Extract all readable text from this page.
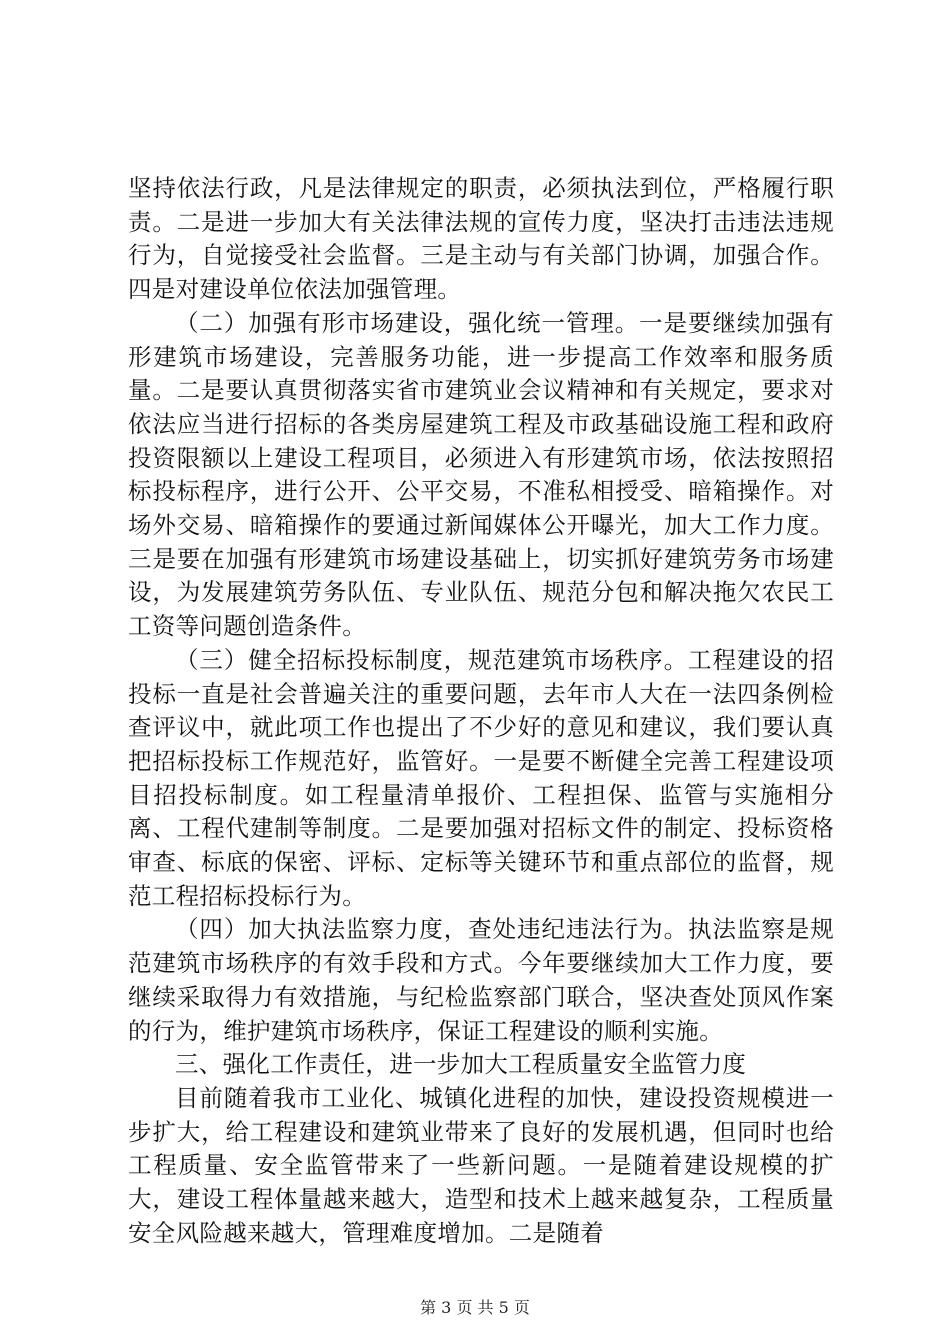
坚持依法行政，凡是法律规定的职责，必须执法到位，严格履行职责。二是进一步加大有关法律法规的宣传力度，坚决打击违法违规行为，自觉接受社会监督。三是主动与有关部门协调，加强合作。四是对建设单位依法加强管理。

（二）加强有形市场建设，强化统一管理。一是要继续加强有形建筑市场建设，完善服务功能，进一步提高工作效率和服务质量。二是要认真贯彻落实省市建筑业会议精神和有关规定，要求对依法应当进行招标的各类房屋建筑工程及市政基础设施工程和政府投资限额以上建设工程项目，必须进入有形建筑市场，依法按照招标投标程序，进行公开、公平交易，不准私相授受、暗箱操作。对场外交易、暗箱操作的要通过新闻媒体公开曝光，加大工作力度。三是要在加强有形建筑市场建设基础上，切实抓好建筑劳务市场建设，为发展建筑劳务队伍、专业队伍、规范分包和解决拖欠农民工工资等问题创造条件。

（三）健全招标投标制度，规范建筑市场秩序。工程建设的招投标一直是社会普遍关注的重要问题，去年市人大在一法四条例检查评议中，就此项工作也提出了不少好的意见和建议，我们要认真把招标投标工作规范好，监管好。一是要不断健全完善工程建设项目招投标制度。如工程量清单报价、工程担保、监管与实施相分离、工程代建制等制度。二是要加强对招标文件的制定、投标资格审查、标底的保密、评标、定标等关键环节和重点部位的监督，规范工程招标投标行为。

（四）加大执法监察力度，查处违纪违法行为。执法监察是规范建筑市场秩序的有效手段和方式。今年要继续加大工作力度，要继续采取得力有效措施，与纪检监察部门联合，坚决查处顶风作案的行为，维护建筑市场秩序，保证工程建设的顺利实施。

三、强化工作责任，进一步加大工程质量安全监管力度

目前随着我市工业化、城镇化进程的加快，建设投资规模进一步扩大，给工程建设和建筑业带来了良好的发展机遇，但同时也给工程质量、安全监管带来了一些新问题。一是随着建设规模的扩大，建设工程体量越来越大，造型和技术上越来越复杂，工程质量安全风险越来越大，管理难度增加。二是随着

第 3 页 共 5 页
